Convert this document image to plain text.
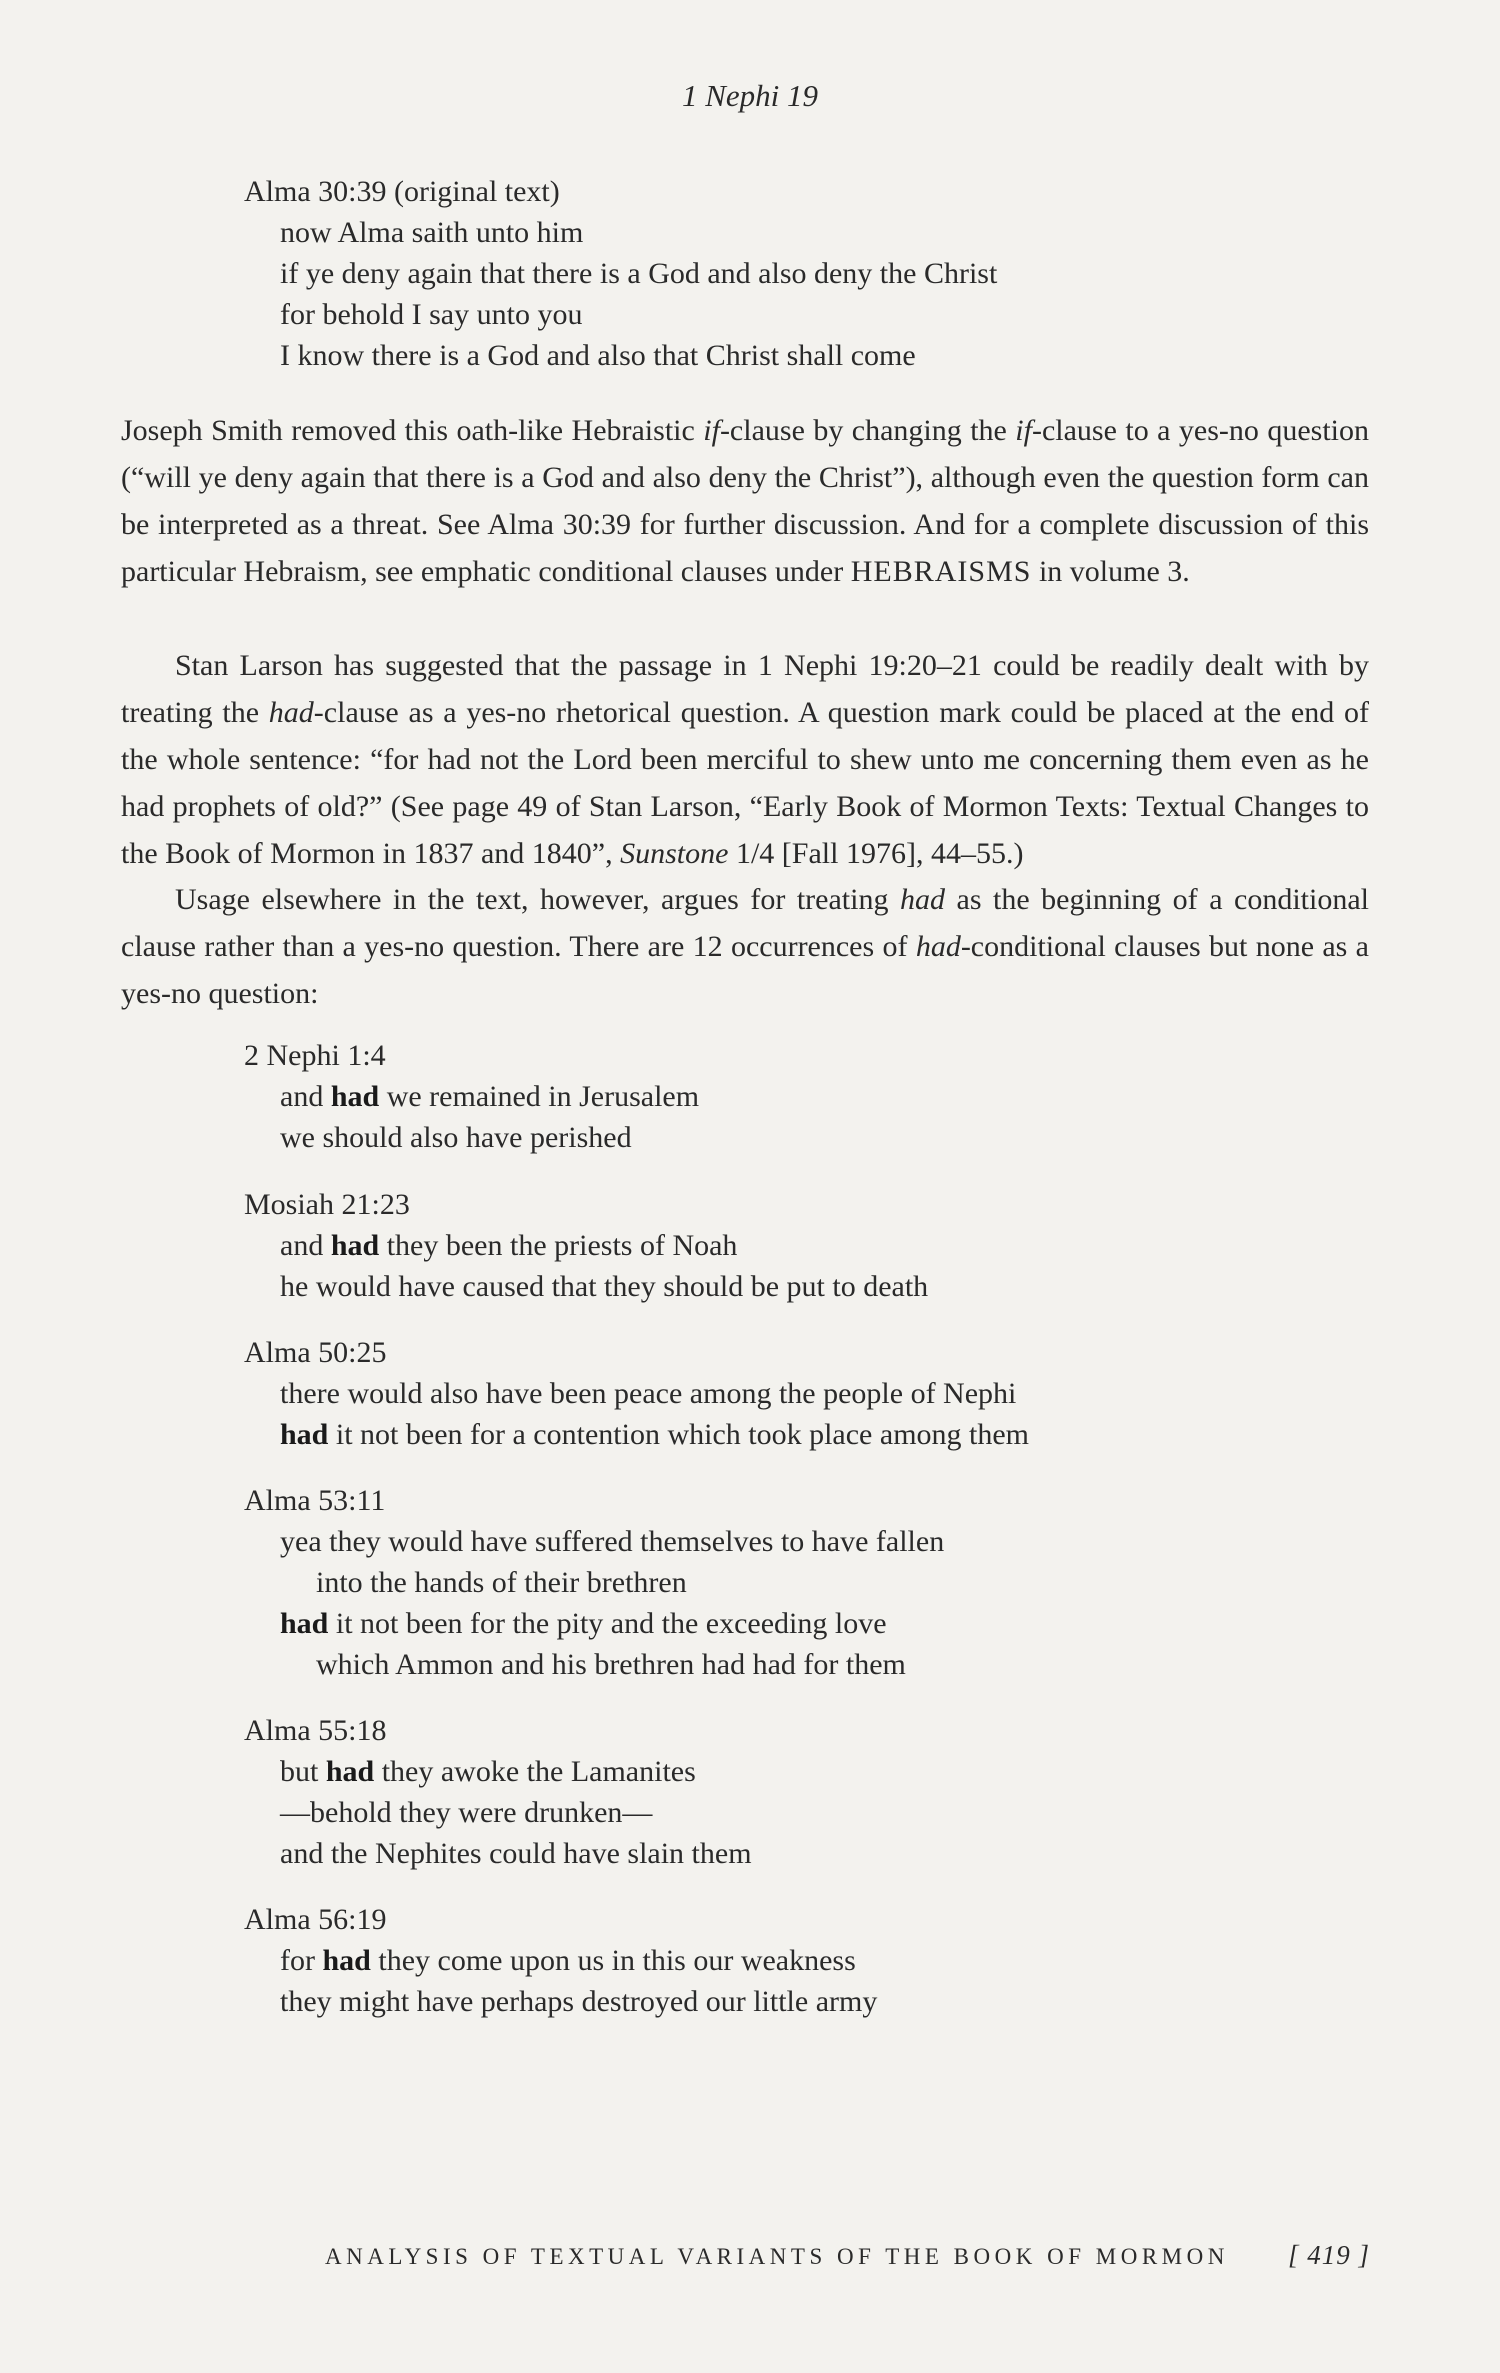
1 Nephi 19
Alma 30:39 (original text)
now Alma saith unto him
if ye deny again that there is a God and also deny the Christ
for behold I say unto you
I know there is a God and also that Christ shall come

Joseph Smith removed this oath-like Hebraistic if-clause by changing the if-clause to a yes-no question (“will ye deny again that there is a God and also deny the Christ”), although even the question form can be interpreted as a threat. See Alma 30:39 for further discussion. And for a complete discussion of this particular Hebraism, see emphatic conditional clauses under HEBRAISMS in volume 3.

Stan Larson has suggested that the passage in 1 Nephi 19:20–21 could be readily dealt with by treating the had-clause as a yes-no rhetorical question. A question mark could be placed at the end of the whole sentence: “for had not the Lord been merciful to shew unto me concerning them even as he had prophets of old?” (See page 49 of Stan Larson, “Early Book of Mormon Texts: Textual Changes to the Book of Mormon in 1837 and 1840”, Sunstone 1/4 [Fall 1976], 44–55.)

Usage elsewhere in the text, however, argues for treating had as the beginning of a conditional clause rather than a yes-no question. There are 12 occurrences of had-conditional clauses but none as a yes-no question:

2 Nephi 1:4
and had we remained in Jerusalem
we should also have perished
Mosiah 21:23
and had they been the priests of Noah
he would have caused that they should be put to death
Alma 50:25
there would also have been peace among the people of Nephi
had it not been for a contention which took place among them
Alma 53:11
yea they would have suffered themselves to have fallen
into the hands of their brethren
had it not been for the pity and the exceeding love
which Ammon and his brethren had had for them
Alma 55:18
but had they awoke the Lamanites
—behold they were drunken—
and the Nephites could have slain them
Alma 56:19
for had they come upon us in this our weakness
they might have perhaps destroyed our little army
ANALYSIS OF TEXTUAL VARIANTS OF THE BOOK OF MORMON [ 419 ]
